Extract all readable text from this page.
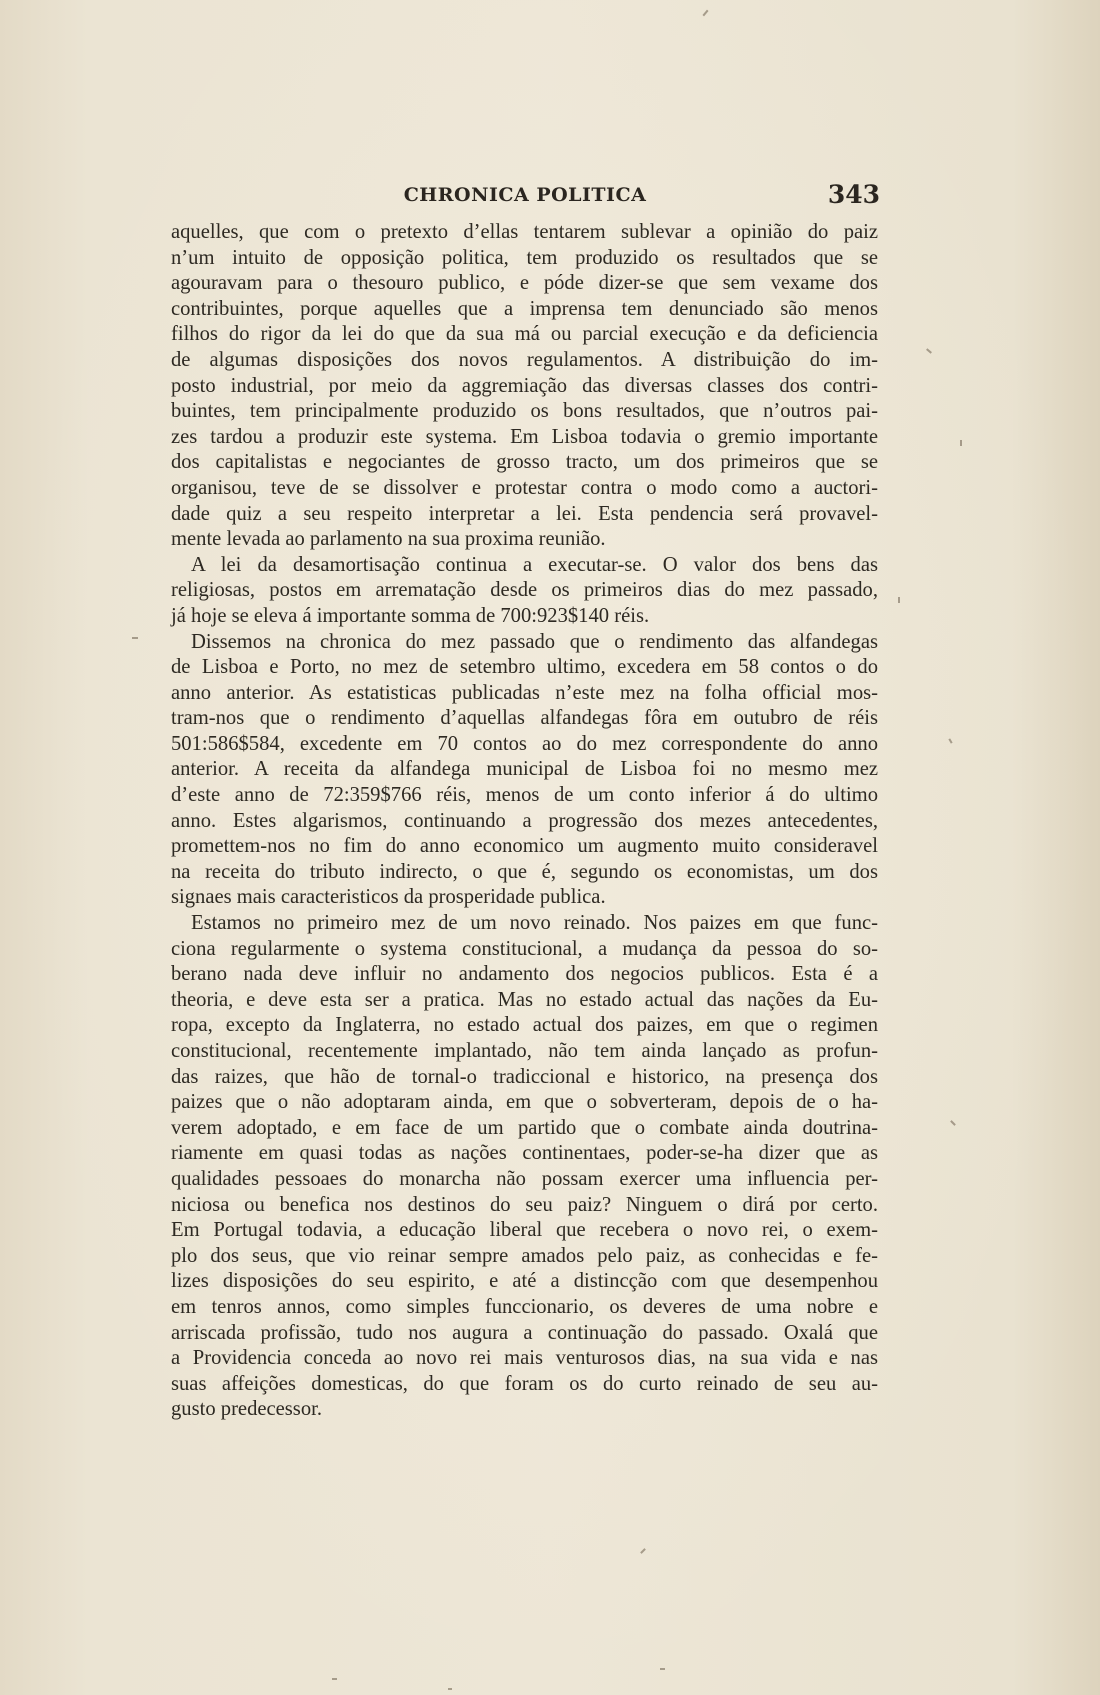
CHRONICA POLITICA	343
aquelles, que com o pretexto d’ellas tentarem sublevar a opinião do paiz
n’um intuito de opposição politica, tem produzido os resultados que se
agouravam para o thesouro publico, e póde dizer-se que sem vexame dos
contribuintes, porque aquelles que a imprensa tem denunciado são menos
filhos do rigor da lei do que da sua má ou parcial execução e da deficiencia
de algumas disposições dos novos regulamentos. A distribuição do im-
posto industrial, por meio da aggremiação das diversas classes dos contri-
buintes, tem principalmente produzido os bons resultados, que n’outros pai-
zes tardou a produzir este systema. Em Lisboa todavia o gremio importante
dos capitalistas e negociantes de grosso tracto, um dos primeiros que se
organisou, teve de se dissolver e protestar contra o modo como a auctori-
dade quiz a seu respeito interpretar a lei. Esta pendencia será provavel-
mente levada ao parlamento na sua proxima reunião.
A lei da desamortisação continua a executar-se. O valor dos bens das
religiosas, postos em arrematação desde os primeiros dias do mez passado,
já hoje se eleva á importante somma de 700:923$140 réis.
Dissemos na chronica do mez passado que o rendimento das alfandegas
de Lisboa e Porto, no mez de setembro ultimo, excedera em 58 contos o do
anno anterior. As estatisticas publicadas n’este mez na folha official mos-
tram-nos que o rendimento d’aquellas alfandegas fôra em outubro de réis
501:586$584, excedente em 70 contos ao do mez correspondente do anno
anterior. A receita da alfandega municipal de Lisboa foi no mesmo mez
d’este anno de 72:359$766 réis, menos de um conto inferior á do ultimo
anno. Estes algarismos, continuando a progressão dos mezes antecedentes,
promettem-nos no fim do anno economico um augmento muito consideravel
na receita do tributo indirecto, o que é, segundo os economistas, um dos
signaes mais caracteristicos da prosperidade publica.
Estamos no primeiro mez de um novo reinado. Nos paizes em que func-
ciona regularmente o systema constitucional, a mudança da pessoa do so-
berano nada deve influir no andamento dos negocios publicos. Esta é a
theoria, e deve esta ser a pratica. Mas no estado actual das nações da Eu-
ropa, excepto da Inglaterra, no estado actual dos paizes, em que o regimen
constitucional, recentemente implantado, não tem ainda lançado as profun-
das raizes, que hão de tornal-o tradiccional e historico, na presença dos
paizes que o não adoptaram ainda, em que o sobverteram, depois de o ha-
verem adoptado, e em face de um partido que o combate ainda doutrina-
riamente em quasi todas as nações continentaes, poder-se-ha dizer que as
qualidades pessoaes do monarcha não possam exercer uma influencia per-
niciosa ou benefica nos destinos do seu paiz? Ninguem o dirá por certo.
Em Portugal todavia, a educação liberal que recebera o novo rei, o exem-
plo dos seus, que vio reinar sempre amados pelo paiz, as conhecidas e fe-
lizes disposições do seu espirito, e até a distincção com que desempenhou
em tenros annos, como simples funccionario, os deveres de uma nobre e
arriscada profissão, tudo nos augura a continuação do passado. Oxalá que
a Providencia conceda ao novo rei mais venturosos dias, na sua vida e nas
suas affeições domesticas, do que foram os do curto reinado de seu au-
gusto predecessor.
